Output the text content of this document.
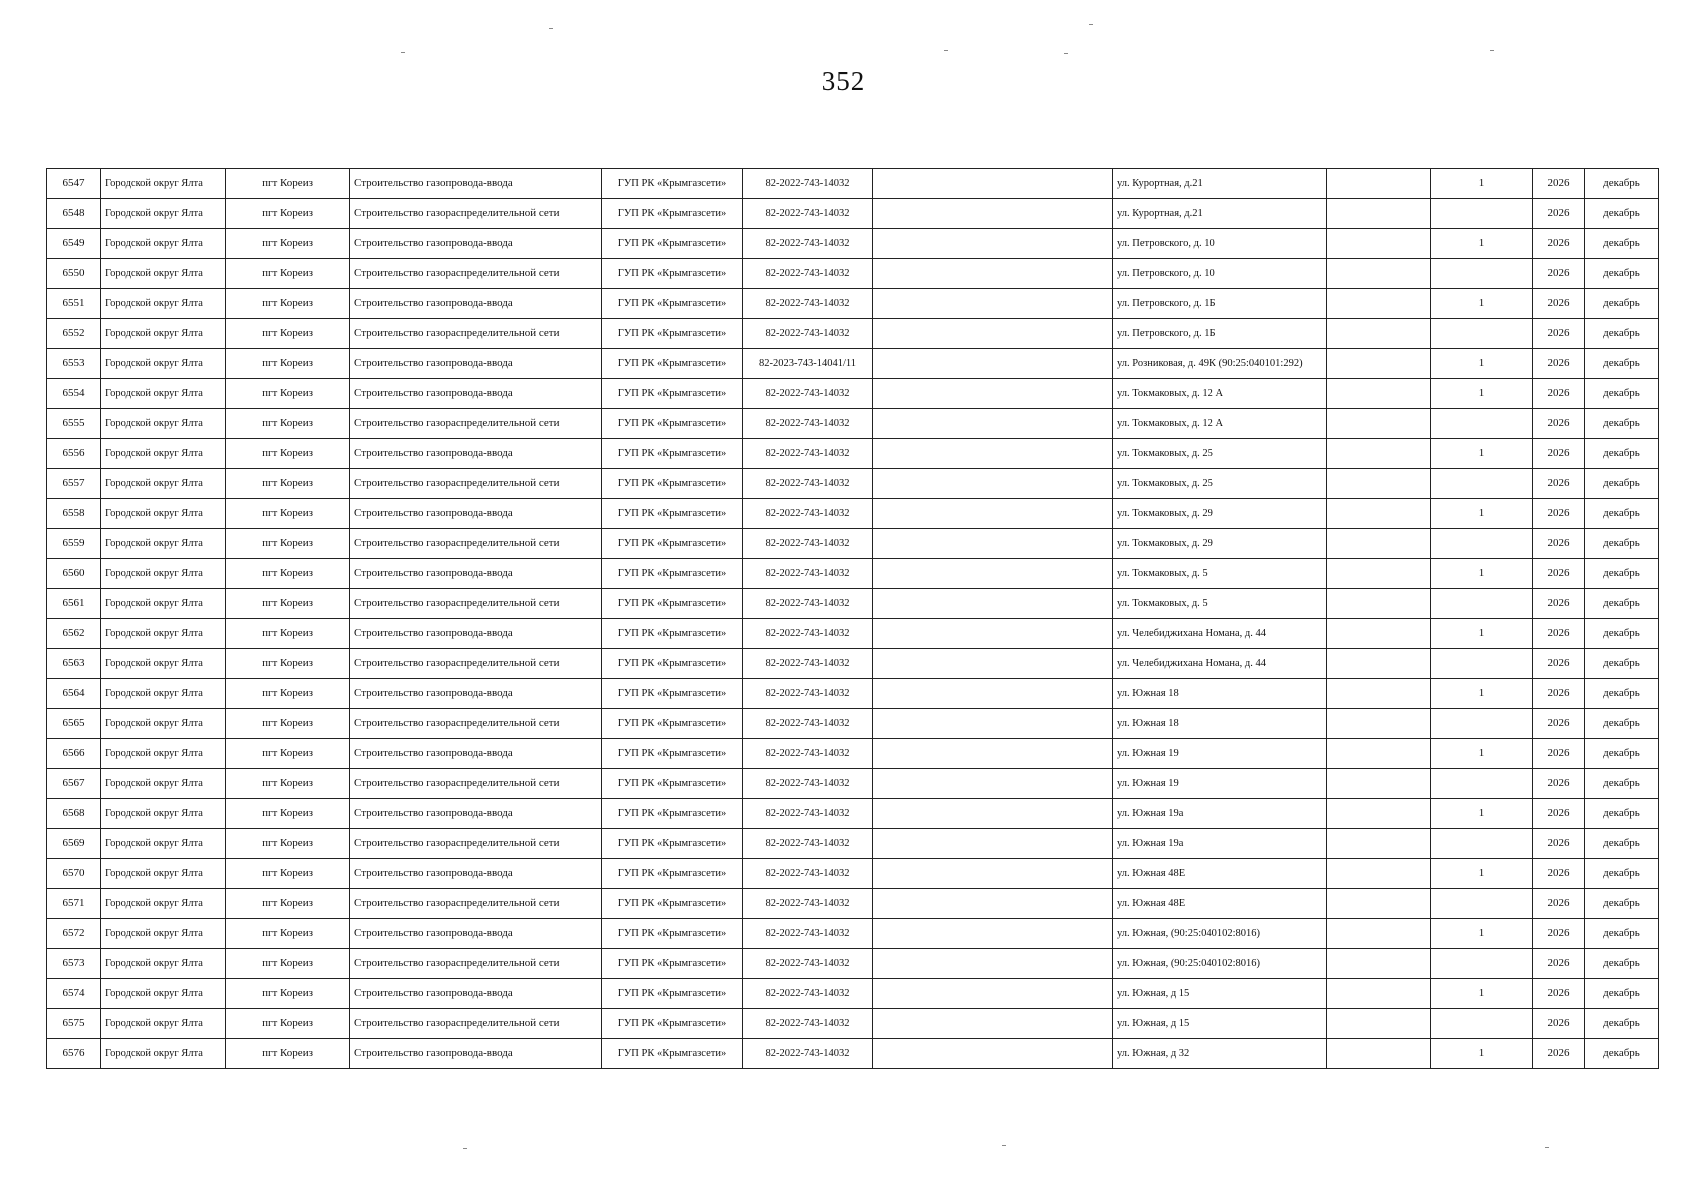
352
6547	Городской округ Ялта	пгт Кореиз	Строительство газопровода-ввода	ГУП РК «Крымгазсети»	82-2022-743-14032		ул. Курортная, д.21		1	2026	декабрь
6548	Городской округ Ялта	пгт Кореиз	Строительство газораспределительной сети	ГУП РК «Крымгазсети»	82-2022-743-14032		ул. Курортная, д.21			2026	декабрь
6549	Городской округ Ялта	пгт Кореиз	Строительство газопровода-ввода	ГУП РК «Крымгазсети»	82-2022-743-14032		ул. Петровского, д. 10		1	2026	декабрь
6550	Городской округ Ялта	пгт Кореиз	Строительство газораспределительной сети	ГУП РК «Крымгазсети»	82-2022-743-14032		ул. Петровского, д. 10			2026	декабрь
6551	Городской округ Ялта	пгт Кореиз	Строительство газопровода-ввода	ГУП РК «Крымгазсети»	82-2022-743-14032		ул. Петровского, д. 1Б		1	2026	декабрь
6552	Городской округ Ялта	пгт Кореиз	Строительство газораспределительной сети	ГУП РК «Крымгазсети»	82-2022-743-14032		ул. Петровского, д. 1Б			2026	декабрь
6553	Городской округ Ялта	пгт Кореиз	Строительство газопровода-ввода	ГУП РК «Крымгазсети»	82-2023-743-14041/11		ул. Розниковая, д. 49К (90:25:040101:292)		1	2026	декабрь
6554	Городской округ Ялта	пгт Кореиз	Строительство газопровода-ввода	ГУП РК «Крымгазсети»	82-2022-743-14032		ул. Токмаковых, д. 12 А		1	2026	декабрь
6555	Городской округ Ялта	пгт Кореиз	Строительство газораспределительной сети	ГУП РК «Крымгазсети»	82-2022-743-14032		ул. Токмаковых, д. 12 А			2026	декабрь
6556	Городской округ Ялта	пгт Кореиз	Строительство газопровода-ввода	ГУП РК «Крымгазсети»	82-2022-743-14032		ул. Токмаковых, д. 25		1	2026	декабрь
6557	Городской округ Ялта	пгт Кореиз	Строительство газораспределительной сети	ГУП РК «Крымгазсети»	82-2022-743-14032		ул. Токмаковых, д. 25			2026	декабрь
6558	Городской округ Ялта	пгт Кореиз	Строительство газопровода-ввода	ГУП РК «Крымгазсети»	82-2022-743-14032		ул. Токмаковых, д. 29		1	2026	декабрь
6559	Городской округ Ялта	пгт Кореиз	Строительство газораспределительной сети	ГУП РК «Крымгазсети»	82-2022-743-14032		ул. Токмаковых, д. 29			2026	декабрь
6560	Городской округ Ялта	пгт Кореиз	Строительство газопровода-ввода	ГУП РК «Крымгазсети»	82-2022-743-14032		ул. Токмаковых, д. 5		1	2026	декабрь
6561	Городской округ Ялта	пгт Кореиз	Строительство газораспределительной сети	ГУП РК «Крымгазсети»	82-2022-743-14032		ул. Токмаковых, д. 5			2026	декабрь
6562	Городской округ Ялта	пгт Кореиз	Строительство газопровода-ввода	ГУП РК «Крымгазсети»	82-2022-743-14032		ул. Челебиджихана Номана, д. 44		1	2026	декабрь
6563	Городской округ Ялта	пгт Кореиз	Строительство газораспределительной сети	ГУП РК «Крымгазсети»	82-2022-743-14032		ул. Челебиджихана Номана, д. 44			2026	декабрь
6564	Городской округ Ялта	пгт Кореиз	Строительство газопровода-ввода	ГУП РК «Крымгазсети»	82-2022-743-14032		ул. Южная 18		1	2026	декабрь
6565	Городской округ Ялта	пгт Кореиз	Строительство газораспределительной сети	ГУП РК «Крымгазсети»	82-2022-743-14032		ул. Южная 18			2026	декабрь
6566	Городской округ Ялта	пгт Кореиз	Строительство газопровода-ввода	ГУП РК «Крымгазсети»	82-2022-743-14032		ул. Южная 19		1	2026	декабрь
6567	Городской округ Ялта	пгт Кореиз	Строительство газораспределительной сети	ГУП РК «Крымгазсети»	82-2022-743-14032		ул. Южная 19			2026	декабрь
6568	Городской округ Ялта	пгт Кореиз	Строительство газопровода-ввода	ГУП РК «Крымгазсети»	82-2022-743-14032		ул. Южная 19а		1	2026	декабрь
6569	Городской округ Ялта	пгт Кореиз	Строительство газораспределительной сети	ГУП РК «Крымгазсети»	82-2022-743-14032		ул. Южная 19а			2026	декабрь
6570	Городской округ Ялта	пгт Кореиз	Строительство газопровода-ввода	ГУП РК «Крымгазсети»	82-2022-743-14032		ул. Южная 48Е		1	2026	декабрь
6571	Городской округ Ялта	пгт Кореиз	Строительство газораспределительной сети	ГУП РК «Крымгазсети»	82-2022-743-14032		ул. Южная 48Е			2026	декабрь
6572	Городской округ Ялта	пгт Кореиз	Строительство газопровода-ввода	ГУП РК «Крымгазсети»	82-2022-743-14032		ул. Южная, (90:25:040102:8016)		1	2026	декабрь
6573	Городской округ Ялта	пгт Кореиз	Строительство газораспределительной сети	ГУП РК «Крымгазсети»	82-2022-743-14032		ул. Южная, (90:25:040102:8016)			2026	декабрь
6574	Городской округ Ялта	пгт Кореиз	Строительство газопровода-ввода	ГУП РК «Крымгазсети»	82-2022-743-14032		ул. Южная, д 15		1	2026	декабрь
6575	Городской округ Ялта	пгт Кореиз	Строительство газораспределительной сети	ГУП РК «Крымгазсети»	82-2022-743-14032		ул. Южная, д 15			2026	декабрь
6576	Городской округ Ялта	пгт Кореиз	Строительство газопровода-ввода	ГУП РК «Крымгазсети»	82-2022-743-14032		ул. Южная, д 32		1	2026	декабрь
